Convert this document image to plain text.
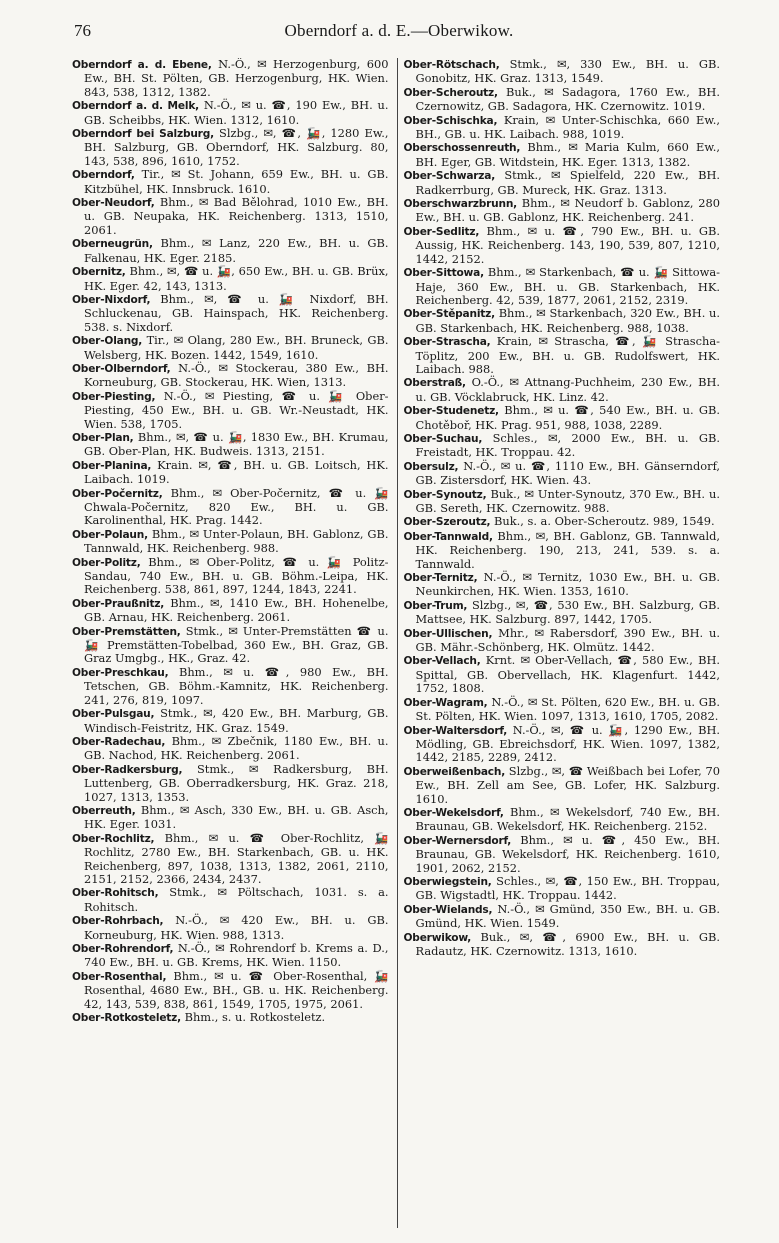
76	Oberndorf a. d. E.—Oberwikow.

Oberndorf a. d. Ebene, N.-Ö., ✉ Herzogenburg, 600 Ew., BH. St. Pölten, GB. Herzogenburg, HK. Wien. 843, 538, 1312, 1382.

Oberndorf a. d. Melk, N.-Ö., ✉ u. ☎, 190 Ew., BH. u. GB. Scheibbs, HK. Wien. 1312, 1610.

Oberndorf bei Salzburg, Slzbg., ✉, ☎, 🚂, 1280 Ew., BH. Salzburg, GB. Oberndorf, HK. Salzburg. 80, 143, 538, 896, 1610, 1752.

Oberndorf, Tir., ✉ St. Johann, 659 Ew., BH. u. GB. Kitzbühel, HK. Innsbruck. 1610.

Ober-Neudorf, Bhm., ✉ Bad Bělohrad, 1010 Ew., BH. u. GB. Neupaka, HK. Reichenberg. 1313, 1510, 2061.

Oberneugrün, Bhm., ✉ Lanz, 220 Ew., BH. u. GB. Falkenau, HK. Eger. 2185.

Obernitz, Bhm., ✉, ☎ u. 🚂, 650 Ew., BH. u. GB. Brüx, HK. Eger. 42, 143, 1313.

Ober-Nixdorf, Bhm., ✉, ☎ u. 🚂 Nixdorf, BH. Schluckenau, GB. Hainspach, HK. Reichenberg. 538. s. Nixdorf.

Ober-Olang, Tir., ✉ Olang, 280 Ew., BH. Bruneck, GB. Welsberg, HK. Bozen. 1442, 1549, 1610.

Ober-Olberndorf, N.-Ö., ✉ Stockerau, 380 Ew., BH. Korneuburg, GB. Stockerau, HK. Wien, 1313.

Ober-Piesting, N.-Ö., ✉ Piesting, ☎ u. 🚂 Ober-Piesting, 450 Ew., BH. u. GB. Wr.-Neustadt, HK. Wien. 538, 1705.

Ober-Plan, Bhm., ✉, ☎ u. 🚂, 1830 Ew., BH. Krumau, GB. Ober-Plan, HK. Budweis. 1313, 2151.

Ober-Planina, Krain. ✉, ☎, BH. u. GB. Loitsch, HK. Laibach. 1019.

Ober-Počernitz, Bhm., ✉ Ober-Počernitz, ☎ u. 🚂 Chwala-Počernitz, 820 Ew., BH. u. GB. Karolinenthal, HK. Prag. 1442.

Ober-Polaun, Bhm., ✉ Unter-Polaun, BH. Gablonz, GB. Tannwald, HK. Reichenberg. 988.

Ober-Politz, Bhm., ✉ Ober-Politz, ☎ u. 🚂 Politz-Sandau, 740 Ew., BH. u. GB. Böhm.-Leipa, HK. Reichenberg. 538, 861, 897, 1244, 1843, 2241.

Ober-Praußnitz, Bhm., ✉, 1410 Ew., BH. Hohenelbe, GB. Arnau, HK. Reichenberg. 2061.

Ober-Premstätten, Stmk., ✉ Unter-Premstätten ☎ u. 🚂 Premstätten-Tobelbad, 360 Ew., BH. Graz, GB. Graz Umgbg., HK., Graz. 42.

Ober-Preschkau, Bhm., ✉ u. ☎, 980 Ew., BH. Tetschen, GB. Böhm.-Kamnitz, HK. Reichenberg. 241, 276, 819, 1097.

Ober-Pulsgau, Stmk., ✉, 420 Ew., BH. Marburg, GB. Windisch-Feistritz, HK. Graz. 1549.

Ober-Radechau, Bhm., ✉ Zbečnik, 1180 Ew., BH. u. GB. Nachod, HK. Reichenberg. 2061.

Ober-Radkersburg, Stmk., ✉ Radkersburg, BH. Luttenberg, GB. Oberradkersburg, HK. Graz. 218, 1027, 1313, 1353.

Oberreuth, Bhm., ✉ Asch, 330 Ew., BH. u. GB. Asch, HK. Eger. 1031.

Ober-Rochlitz, Bhm., ✉ u. ☎ Ober-Rochlitz, 🚂 Rochlitz, 2780 Ew., BH. Starkenbach, GB. u. HK. Reichenberg, 897, 1038, 1313, 1382, 2061, 2110, 2151, 2152, 2366, 2434, 2437.

Ober-Rohitsch, Stmk., ✉ Pöltschach, 1031. s. a. Rohitsch.

Ober-Rohrbach, N.-Ö., ✉ 420 Ew., BH. u. GB. Korneuburg, HK. Wien. 988, 1313.

Ober-Rohrendorf, N.-Ö., ✉ Rohrendorf b. Krems a. D., 740 Ew., BH. u. GB. Krems, HK. Wien. 1150.

Ober-Rosenthal, Bhm., ✉ u. ☎ Ober-Rosenthal, 🚂 Rosenthal, 4680 Ew., BH., GB. u. HK. Reichenberg. 42, 143, 539, 838, 861, 1549, 1705, 1975, 2061.

Ober-Rotkosteletz, Bhm., s. u. Rotkosteletz.

Ober-Rötschach, Stmk., ✉, 330 Ew., BH. u. GB. Gonobitz, HK. Graz. 1313, 1549.

Ober-Scheroutz, Buk., ✉ Sadagora, 1760 Ew., BH. Czernowitz, GB. Sadagora, HK. Czernowitz. 1019.

Ober-Schischka, Krain, ✉ Unter-Schischka, 660 Ew., BH., GB. u. HK. Laibach. 988, 1019.

Oberschossenreuth, Bhm., ✉ Maria Kulm, 660 Ew., BH. Eger, GB. Witdstein, HK. Eger. 1313, 1382.

Ober-Schwarza, Stmk., ✉ Spielfeld, 220 Ew., BH. Radkerrburg, GB. Mureck, HK. Graz. 1313.

Oberschwarzbrunn, Bhm., ✉ Neudorf b. Gablonz, 280 Ew., BH. u. GB. Gablonz, HK. Reichenberg. 241.

Ober-Sedlitz, Bhm., ✉ u. ☎, 790 Ew., BH. u. GB. Aussig, HK. Reichenberg. 143, 190, 539, 807, 1210, 1442, 2152.

Ober-Sittowa, Bhm., ✉ Starkenbach, ☎ u. 🚂 Sittowa-Haje, 360 Ew., BH. u. GB. Starkenbach, HK. Reichenberg. 42, 539, 1877, 2061, 2152, 2319.

Ober-Stěpanitz, Bhm., ✉ Starkenbach, 320 Ew., BH. u. GB. Starkenbach, HK. Reichenberg. 988, 1038.

Ober-Strascha, Krain, ✉ Strascha, ☎, 🚂 Strascha-Töplitz, 200 Ew., BH. u. GB. Rudolfswert, HK. Laibach. 988.

Oberstraß, O.-Ö., ✉ Attnang-Puchheim, 230 Ew., BH. u. GB. Vöcklabruck, HK. Linz. 42.

Ober-Studenetz, Bhm., ✉ u. ☎, 540 Ew., BH. u. GB. Chotěboř, HK. Prag. 951, 988, 1038, 2289.

Ober-Suchau, Schles., ✉, 2000 Ew., BH. u. GB. Freistadt, HK. Troppau. 42.

Obersulz, N.-Ö., ✉ u. ☎, 1110 Ew., BH. Gänserndorf, GB. Zistersdorf, HK. Wien. 43.

Ober-Synoutz, Buk., ✉ Unter-Synoutz, 370 Ew., BH. u. GB. Sereth, HK. Czernowitz. 988.

Ober-Szeroutz, Buk., s. a. Ober-Scheroutz. 989, 1549.

Ober-Tannwald, Bhm., ✉, BH. Gablonz, GB. Tannwald, HK. Reichenberg. 190, 213, 241, 539. s. a. Tannwald.

Ober-Ternitz, N.-Ö., ✉ Ternitz, 1030 Ew., BH. u. GB. Neunkirchen, HK. Wien. 1353, 1610.

Ober-Trum, Slzbg., ✉, ☎, 530 Ew., BH. Salzburg, GB. Mattsee, HK. Salzburg. 897, 1442, 1705.

Ober-Ullischen, Mhr., ✉ Rabersdorf, 390 Ew., BH. u. GB. Mähr.-Schönberg, HK. Olmütz. 1442.

Ober-Vellach, Krnt. ✉ Ober-Vellach, ☎, 580 Ew., BH. Spittal, GB. Obervellach, HK. Klagenfurt. 1442, 1752, 1808.

Ober-Wagram, N.-Ö., ✉ St. Pölten, 620 Ew., BH. u. GB. St. Pölten, HK. Wien. 1097, 1313, 1610, 1705, 2082.

Ober-Waltersdorf, N.-Ö., ✉, ☎ u. 🚂, 1290 Ew., BH. Mödling, GB. Ebreichsdorf, HK. Wien. 1097, 1382, 1442, 2185, 2289, 2412.

Oberweißenbach, Slzbg., ✉, ☎ Weißbach bei Lofer, 70 Ew., BH. Zell am See, GB. Lofer, HK. Salzburg. 1610.

Ober-Wekelsdorf, Bhm., ✉ Wekelsdorf, 740 Ew., BH. Braunau, GB. Wekelsdorf, HK. Reichenberg. 2152.

Ober-Wernersdorf, Bhm., ✉ u. ☎, 450 Ew., BH. Braunau, GB. Wekelsdorf, HK. Reichenberg. 1610, 1901, 2062, 2152.

Oberwiegstein, Schles., ✉, ☎, 150 Ew., BH. Troppau, GB. Wigstadtl, HK. Troppau. 1442.

Ober-Wielands, N.-Ö., ✉ Gmünd, 350 Ew., BH. u. GB. Gmünd, HK. Wien. 1549.

Oberwikow, Buk., ✉, ☎, 6900 Ew., BH. u. GB. Radautz, HK. Czernowitz. 1313, 1610.
